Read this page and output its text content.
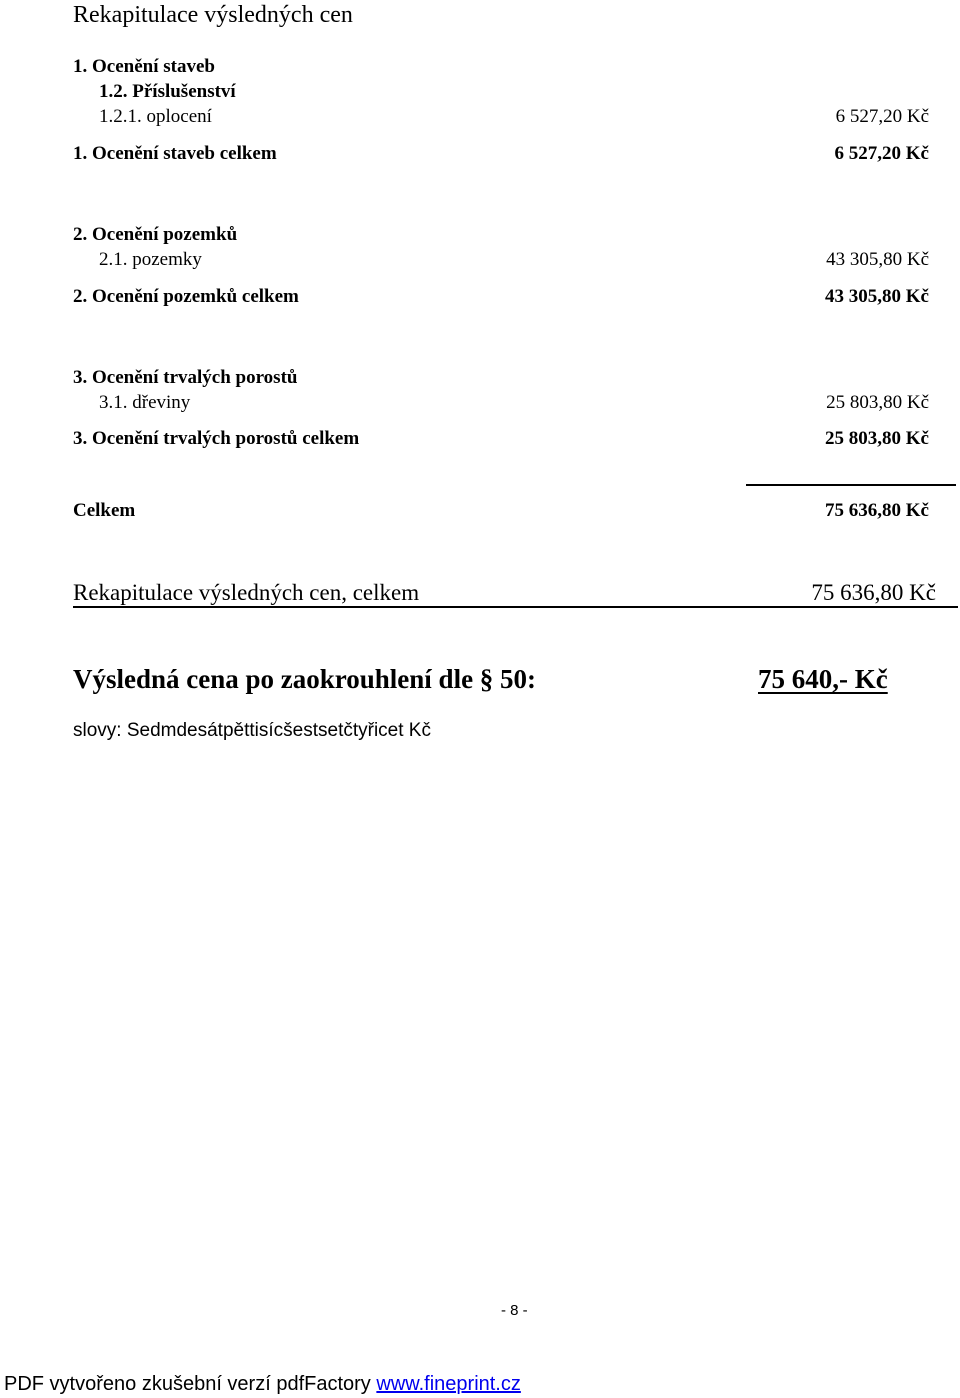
Rekapitulace výsledných cen
1. Ocenění staveb
1.2. Příslušenství
1.2.1. oplocení	6 527,20 Kč
1. Ocenění staveb celkem	6 527,20 Kč
2. Ocenění pozemků
2.1. pozemky	43 305,80 Kč
2. Ocenění pozemků celkem	43 305,80 Kč
3. Ocenění trvalých porostů
3.1. dřeviny	25 803,80 Kč
3. Ocenění trvalých porostů celkem	25 803,80 Kč
Celkem	75 636,80 Kč
Rekapitulace výsledných cen, celkem	75 636,80 Kč
Výsledná cena po zaokrouhlení dle § 50:	75 640,- Kč
slovy: Sedmdesátpěttisícšestsetčtyřicet Kč
- 8 -
PDF vytvořeno zkušební verzí pdfFactory www.fineprint.cz
